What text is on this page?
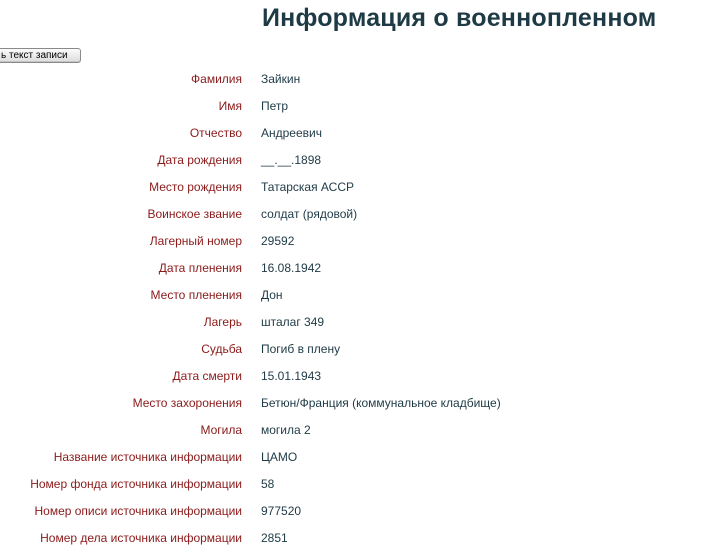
Информация о военнопленном
ь текст записи
Фамилия Зайкин
Имя Петр
Отчество Андреевич
Дата рождения __.__.1898
Место рождения Татарская АССР
Воинское звание солдат (рядовой)
Лагерный номер 29592
Дата пленения 16.08.1942
Место пленения Дон
Лагерь шталаг 349
Судьба Погиб в плену
Дата смерти 15.01.1943
Место захоронения Бетюн/Франция (коммунальное кладбище)
Могила могила 2
Название источника информации ЦАМО
Номер фонда источника информации 58
Номер описи источника информации 977520
Номер дела источника информации 2851
